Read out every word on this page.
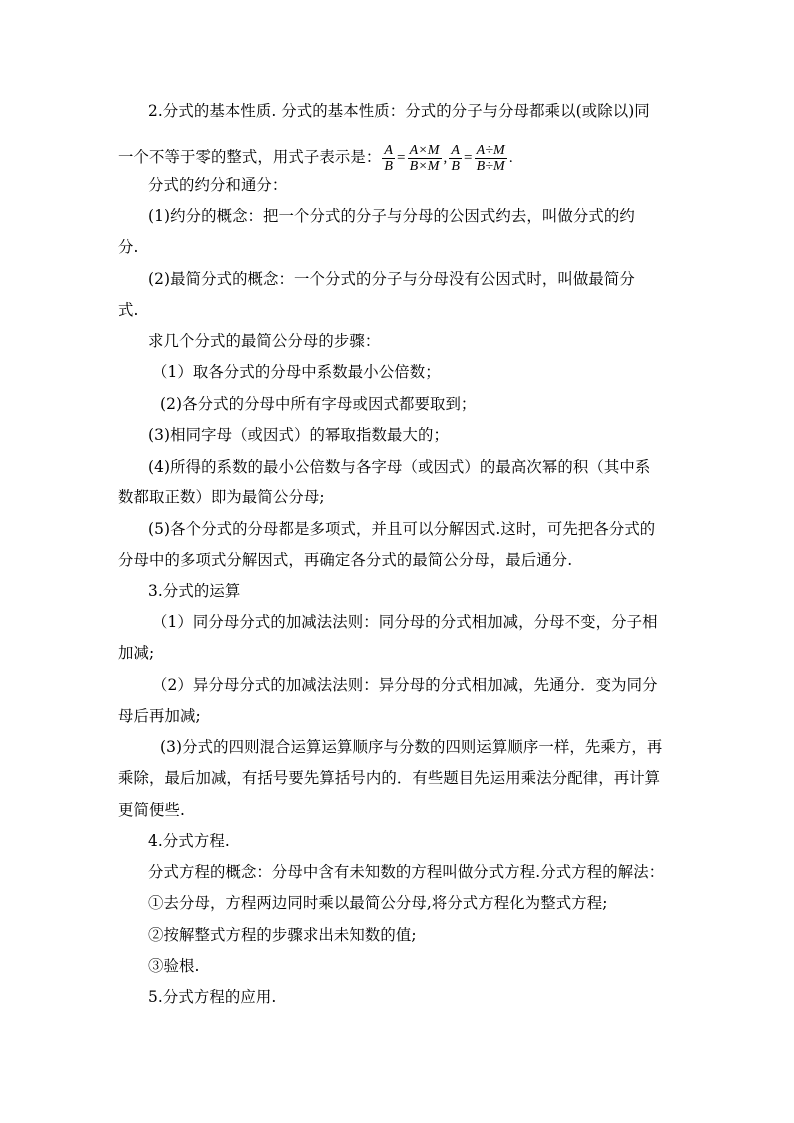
2.分式的基本性质. 分式的基本性质：分式的分子与分母都乘以(或除以)同
一个不等于零的整式，用式子表示是： $\frac{A}{B} = \frac{A\times M}{B\times M}$ , $\frac{A}{B} = \frac{A\div M}{B\div M}$ .
分式的约分和通分：
(1)约分的概念：把一个分式的分子与分母的公因式约去，叫做分式的约
分.
(2)最简分式的概念：一个分式的分子与分母没有公因式时，叫做最简分
式.
求几个分式的最简公分母的步骤：
（1）取各分式的分母中系数最小公倍数；
(2)各分式的分母中所有字母或因式都要取到；
(3)相同字母（或因式）的幂取指数最大的；
(4)所得的系数的最小公倍数与各字母（或因式）的最高次幂的积（其中系
数都取正数）即为最简公分母;
(5)各个分式的分母都是多项式，并且可以分解因式.这时，可先把各分式的
分母中的多项式分解因式，再确定各分式的最简公分母，最后通分.
3.分式的运算
（1）同分母分式的加减法法则：同分母的分式相加减，分母不变，分子相
加减;
（2）异分母分式的加减法法则：异分母的分式相加减，先通分．变为同分
母后再加减;
(3)分式的四则混合运算运算顺序与分数的四则运算顺序一样，先乘方，再
乘除，最后加减，有括号要先算括号内的．有些题目先运用乘法分配律，再计算
更简便些.
4.分式方程.
分式方程的概念：分母中含有未知数的方程叫做分式方程.分式方程的解法：
①去分母，方程两边同时乘以最简公分母,将分式方程化为整式方程;
②按解整式方程的步骤求出未知数的值;
③验根.
5.分式方程的应用.
